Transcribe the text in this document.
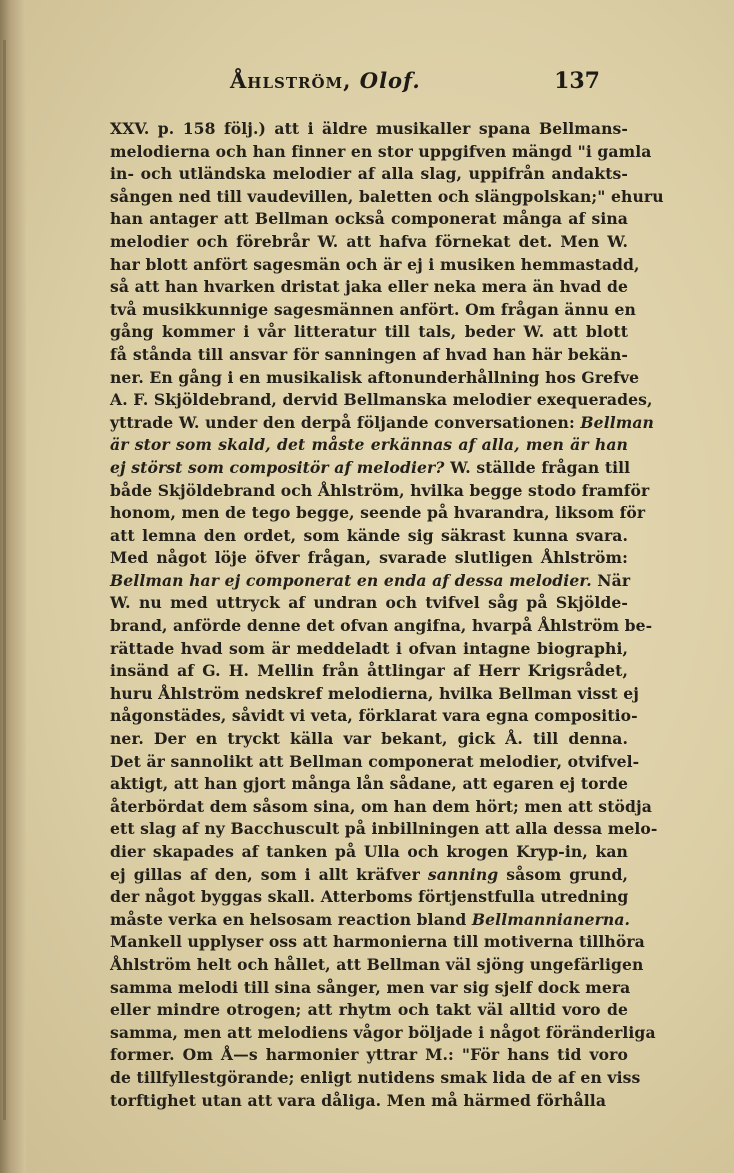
Åhlström, Olof.	137
XXV. p. 158 följ.) att i äldre musikaller spana Bellmans-
melodierna och han finner en stor uppgifven mängd "i gamla
in- och utländska melodier af alla slag, uppifrån andakts-
sången ned till vaudevillen, baletten och slängpolskan;" ehuru
han antager att Bellman också componerat många af sina
melodier och förebrår W. att hafva förnekat det. Men W.
har blott anfört sagesmän och är ej i musiken hemmastadd,
så att han hvarken dristat jaka eller neka mera än hvad de
två musikkunnige sagesmännen anfört. Om frågan ännu en
gång kommer i vår litteratur till tals, beder W. att blott
få stånda till ansvar för sanningen af hvad han här bekän-
ner. En gång i en musikalisk aftonunderhållning hos Grefve
A. F. Skjöldebrand, dervid Bellmanska melodier exequerades,
yttrade W. under den derpå följande conversationen: Bellman
är stor som skald, det måste erkännas af alla, men är han
ej störst som compositör af melodier? W. ställde frågan till
både Skjöldebrand och Åhlström, hvilka begge stodo framför
honom, men de tego begge, seende på hvarandra, liksom för
att lemna den ordet, som kände sig säkrast kunna svara.
Med något löje öfver frågan, svarade slutligen Åhlström:
Bellman har ej componerat en enda af dessa melodier. När
W. nu med uttryck af undran och tvifvel såg på Skjölde-
brand, anförde denne det ofvan angifna, hvarpå Åhlström be-
rättade hvad som är meddeladt i ofvan intagne biographi,
insänd af G. H. Mellin från åttlingar af Herr Krigsrådet,
huru Åhlström nedskref melodierna, hvilka Bellman visst ej
någonstädes, såvidt vi veta, förklarat vara egna compositio-
ner. Der en tryckt källa var bekant, gick Å. till denna.
Det är sannolikt att Bellman componerat melodier, otvifvel-
aktigt, att han gjort många lån sådane, att egaren ej torde
återbördat dem såsom sina, om han dem hört; men att stödja
ett slag af ny Bacchuscult på inbillningen att alla dessa melo-
dier skapades af tanken på Ulla och krogen Kryp-in, kan
ej gillas af den, som i allt kräfver sanning såsom grund,
der något byggas skall. Atterboms förtjenstfulla utredning
måste verka en helsosam reaction bland Bellmannianerna.
Mankell upplyser oss att harmonierna till motiverna tillhöra
Åhlström helt och hållet, att Bellman väl sjöng ungefärligen
samma melodi till sina sånger, men var sig sjelf dock mera
eller mindre otrogen; att rhytm och takt väl alltid voro de
samma, men att melodiens vågor böljade i något föränderliga
former. Om Å—s harmonier yttrar M.: "För hans tid voro
de tillfyllestgörande; enligt nutidens smak lida de af en viss
torftighet utan att vara dåliga. Men må härmed förhålla
